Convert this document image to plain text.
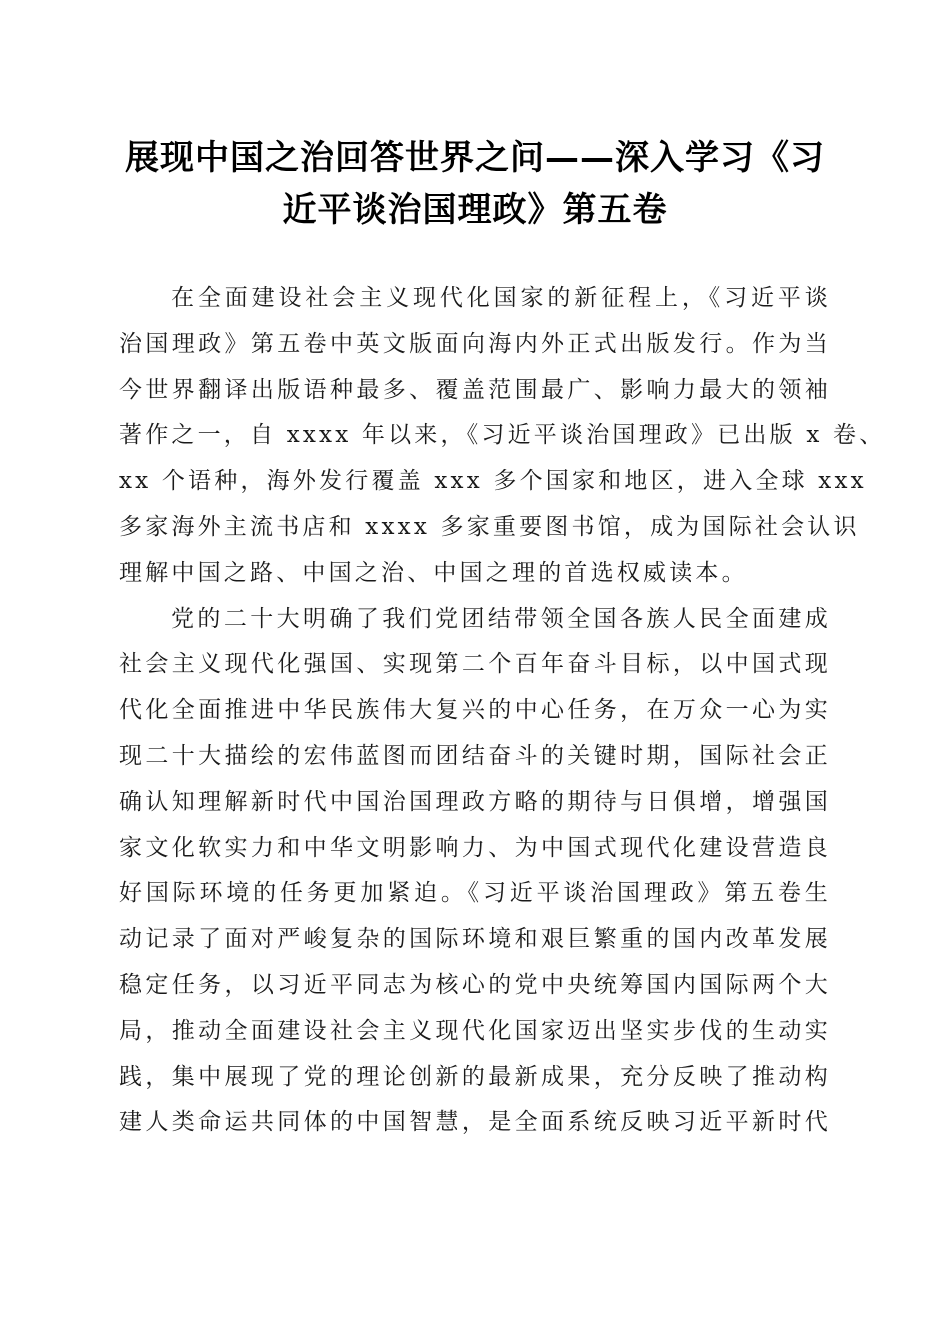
展现中国之治回答世界之问——深入学习《习
近平谈治国理政》第五卷
在全面建设社会主义现代化国家的新征程上，《习近平谈
治国理政》第五卷中英文版面向海内外正式出版发行。作为当
今世界翻译出版语种最多、覆盖范围最广、影响力最大的领袖
著作之一，自 xxxx 年以来，《习近平谈治国理政》已出版 x 卷、
xx 个语种，海外发行覆盖 xxx 多个国家和地区，进入全球 xxx
多家海外主流书店和 xxxx 多家重要图书馆，成为国际社会认识
理解中国之路、中国之治、中国之理的首选权威读本。
党的二十大明确了我们党团结带领全国各族人民全面建成
社会主义现代化强国、实现第二个百年奋斗目标，以中国式现
代化全面推进中华民族伟大复兴的中心任务，在万众一心为实
现二十大描绘的宏伟蓝图而团结奋斗的关键时期，国际社会正
确认知理解新时代中国治国理政方略的期待与日俱增，增强国
家文化软实力和中华文明影响力、为中国式现代化建设营造良
好国际环境的任务更加紧迫。《习近平谈治国理政》第五卷生
动记录了面对严峻复杂的国际环境和艰巨繁重的国内改革发展
稳定任务，以习近平同志为核心的党中央统筹国内国际两个大
局，推动全面建设社会主义现代化国家迈出坚实步伐的生动实
践，集中展现了党的理论创新的最新成果，充分反映了推动构
建人类命运共同体的中国智慧，是全面系统反映习近平新时代
